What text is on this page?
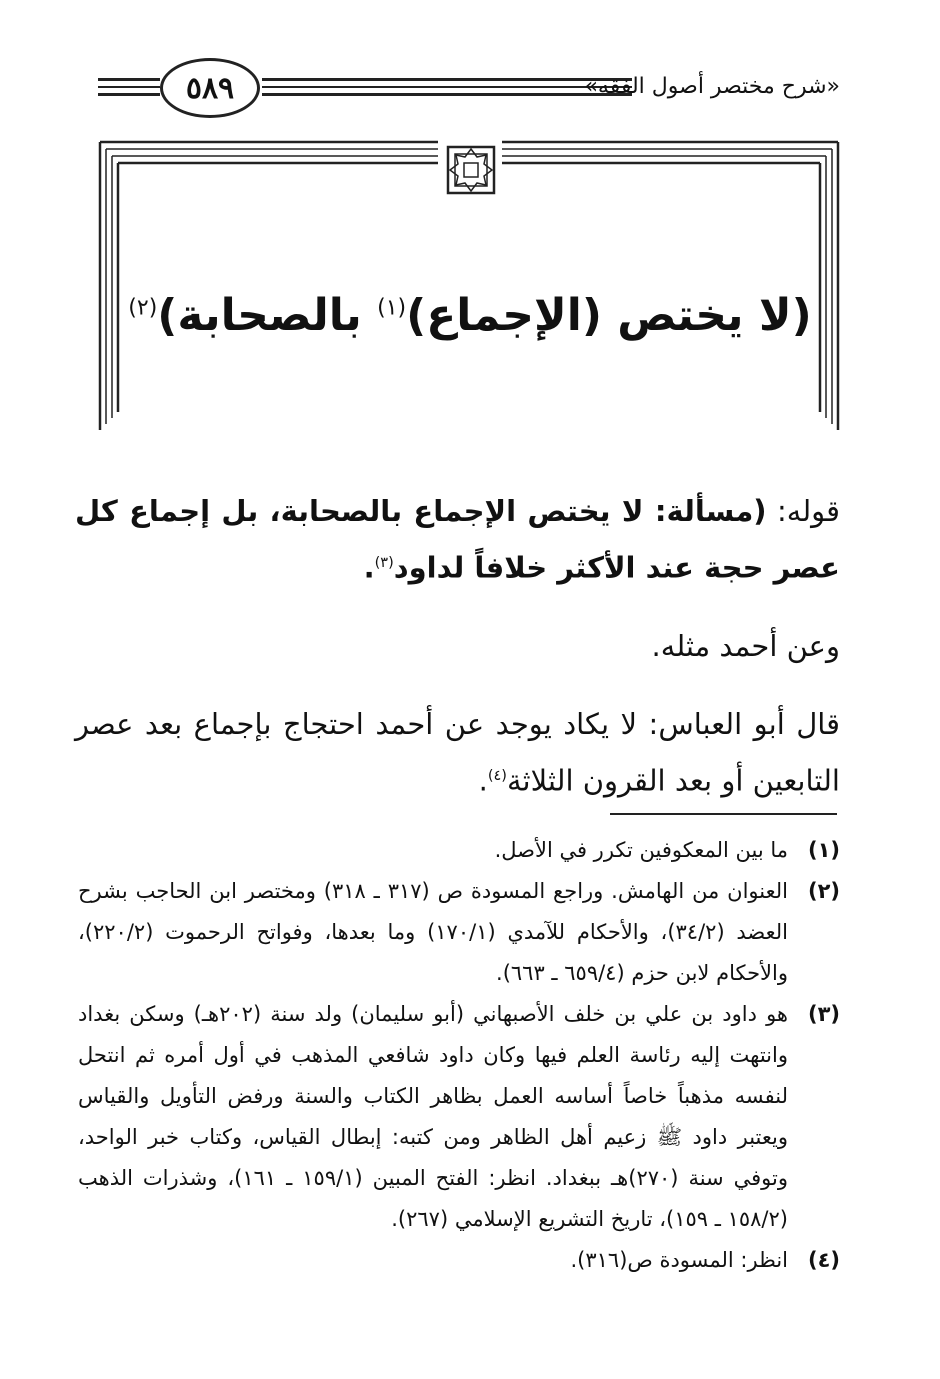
٥٨٩	«شرح مختصر أصول الفقه»
(لا يختص (الإجماع)$^{(١)}$ بالصحابة)$^{(٢)}$

قوله: (مسألة: لا يختص الإجماع بالصحابة، بل إجماع كل عصر حجة عند الأكثر خلافاً لداود$^{(٣)}$.

وعن أحمد مثله.

قال أبو العباس: لا يكاد يوجد عن أحمد احتجاج بإجماع بعد عصر التابعين أو بعد القرون الثلاثة$^{(٤)}$.

(١)
ما بين المعكوفين تكرر في الأصل.
(٢)
العنوان من الهامش. وراجع المسودة ص (٣١٧ ـ ٣١٨) ومختصر ابن الحاجب بشرح العضد (٣٤/٢)، والأحكام للآمدي (١٧٠/١) وما بعدها، وفواتح الرحموت (٢٢٠/٢)، والأحكام لابن حزم (٦٥٩/٤ ـ ٦٦٣).
(٣)
هو داود بن علي بن خلف الأصبهاني (أبو سليمان) ولد سنة (٢٠٢هـ) وسكن بغداد وانتهت إليه رئاسة العلم فيها وكان داود شافعي المذهب في أول أمره ثم انتحل لنفسه مذهباً خاصاً أساسه العمل بظاهر الكتاب والسنة ورفض التأويل والقياس ويعتبر داود ﷺ زعيم أهل الظاهر ومن كتبه: إبطال القياس، وكتاب خبر الواحد، وتوفي سنة (٢٧٠)هـ ببغداد. انظر: الفتح المبين (١٥٩/١ ـ ١٦١)، وشذرات الذهب (١٥٨/٢ ـ ١٥٩)، تاريخ التشريع الإسلامي (٢٦٧).
(٤)
انظر: المسودة ص(٣١٦).
